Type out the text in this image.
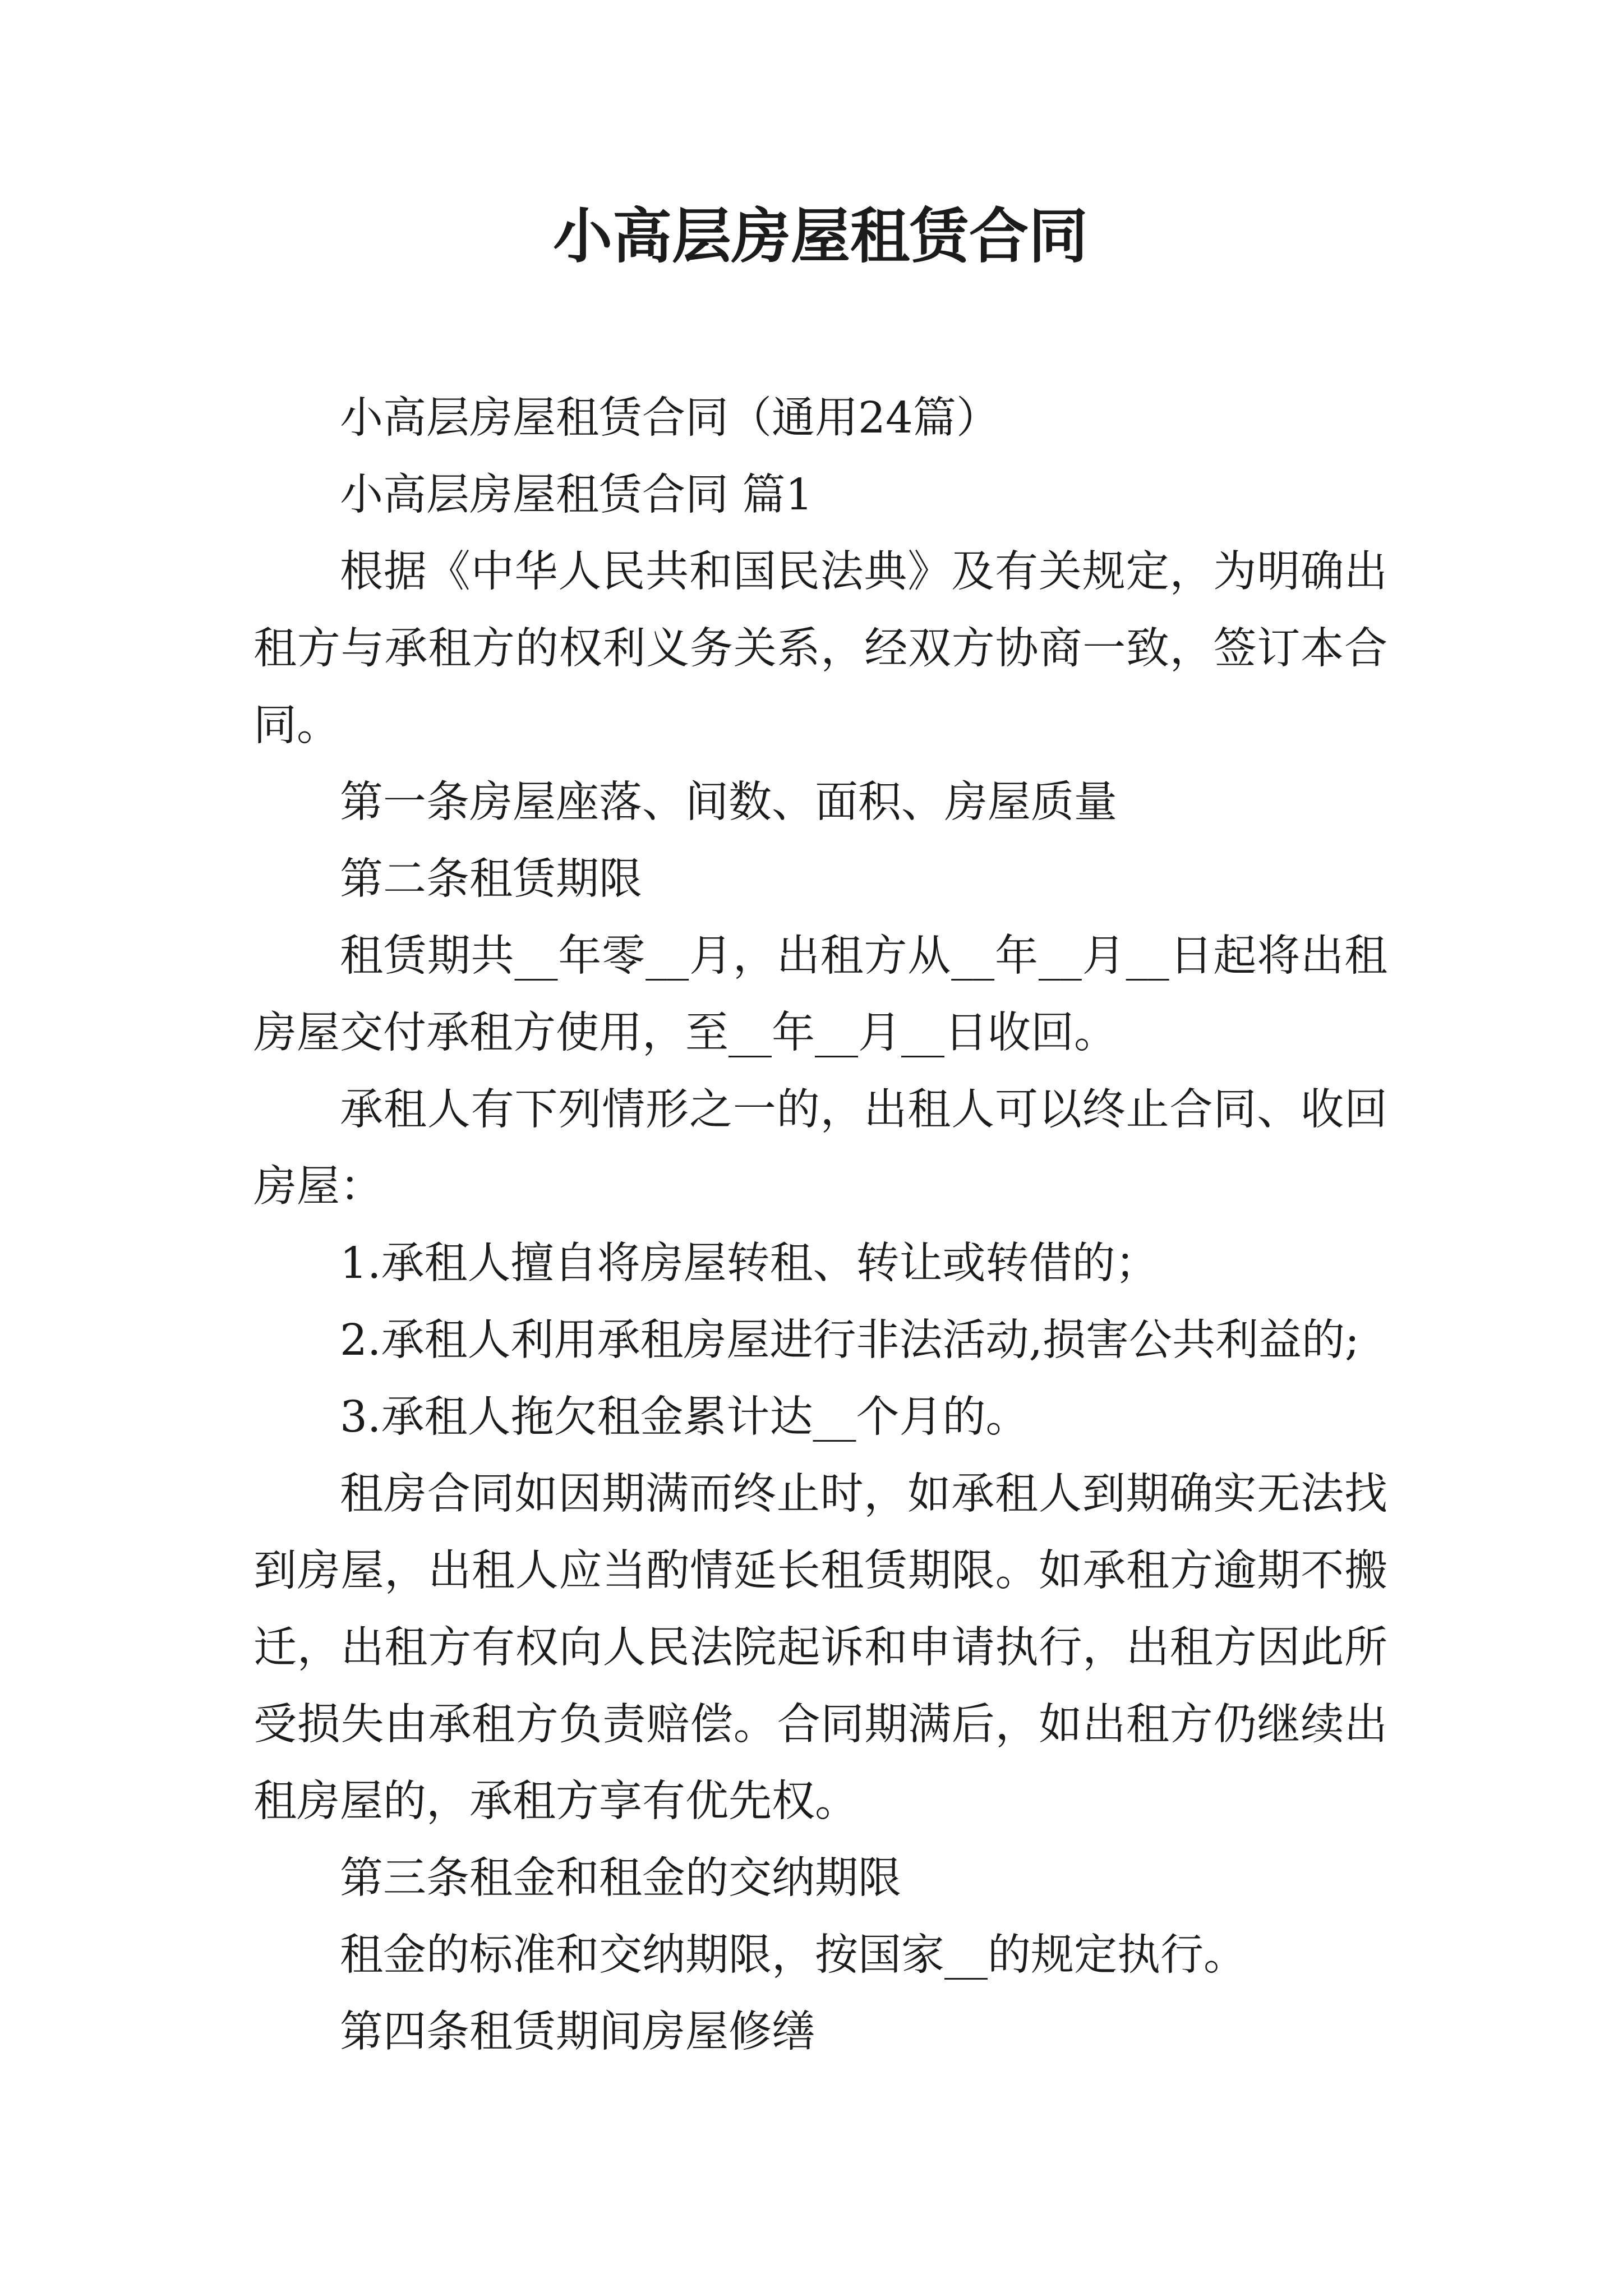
小高层房屋租赁合同
小高层房屋租赁合同（通用24篇）
小高层房屋租赁合同 篇1
根据《中华人民共和国民法典》及有关规定，为明确出
租方与承租方的权利义务关系，经双方协商一致，签订本合
同。
第一条房屋座落、间数、面积、房屋质量
第二条租赁期限
租赁期共__年零__月，出租方从__年__月__日起将出租
房屋交付承租方使用，至__年__月__日收回。
承租人有下列情形之一的，出租人可以终止合同、收回
房屋：
1.承租人擅自将房屋转租、转让或转借的；
2.承租人利用承租房屋进行非法活动,损害公共利益的;
3.承租人拖欠租金累计达__个月的。
租房合同如因期满而终止时，如承租人到期确实无法找
到房屋，出租人应当酌情延长租赁期限。如承租方逾期不搬
迁，出租方有权向人民法院起诉和申请执行，出租方因此所
受损失由承租方负责赔偿。合同期满后，如出租方仍继续出
租房屋的，承租方享有优先权。
第三条租金和租金的交纳期限
租金的标准和交纳期限，按国家__的规定执行。
第四条租赁期间房屋修缮
